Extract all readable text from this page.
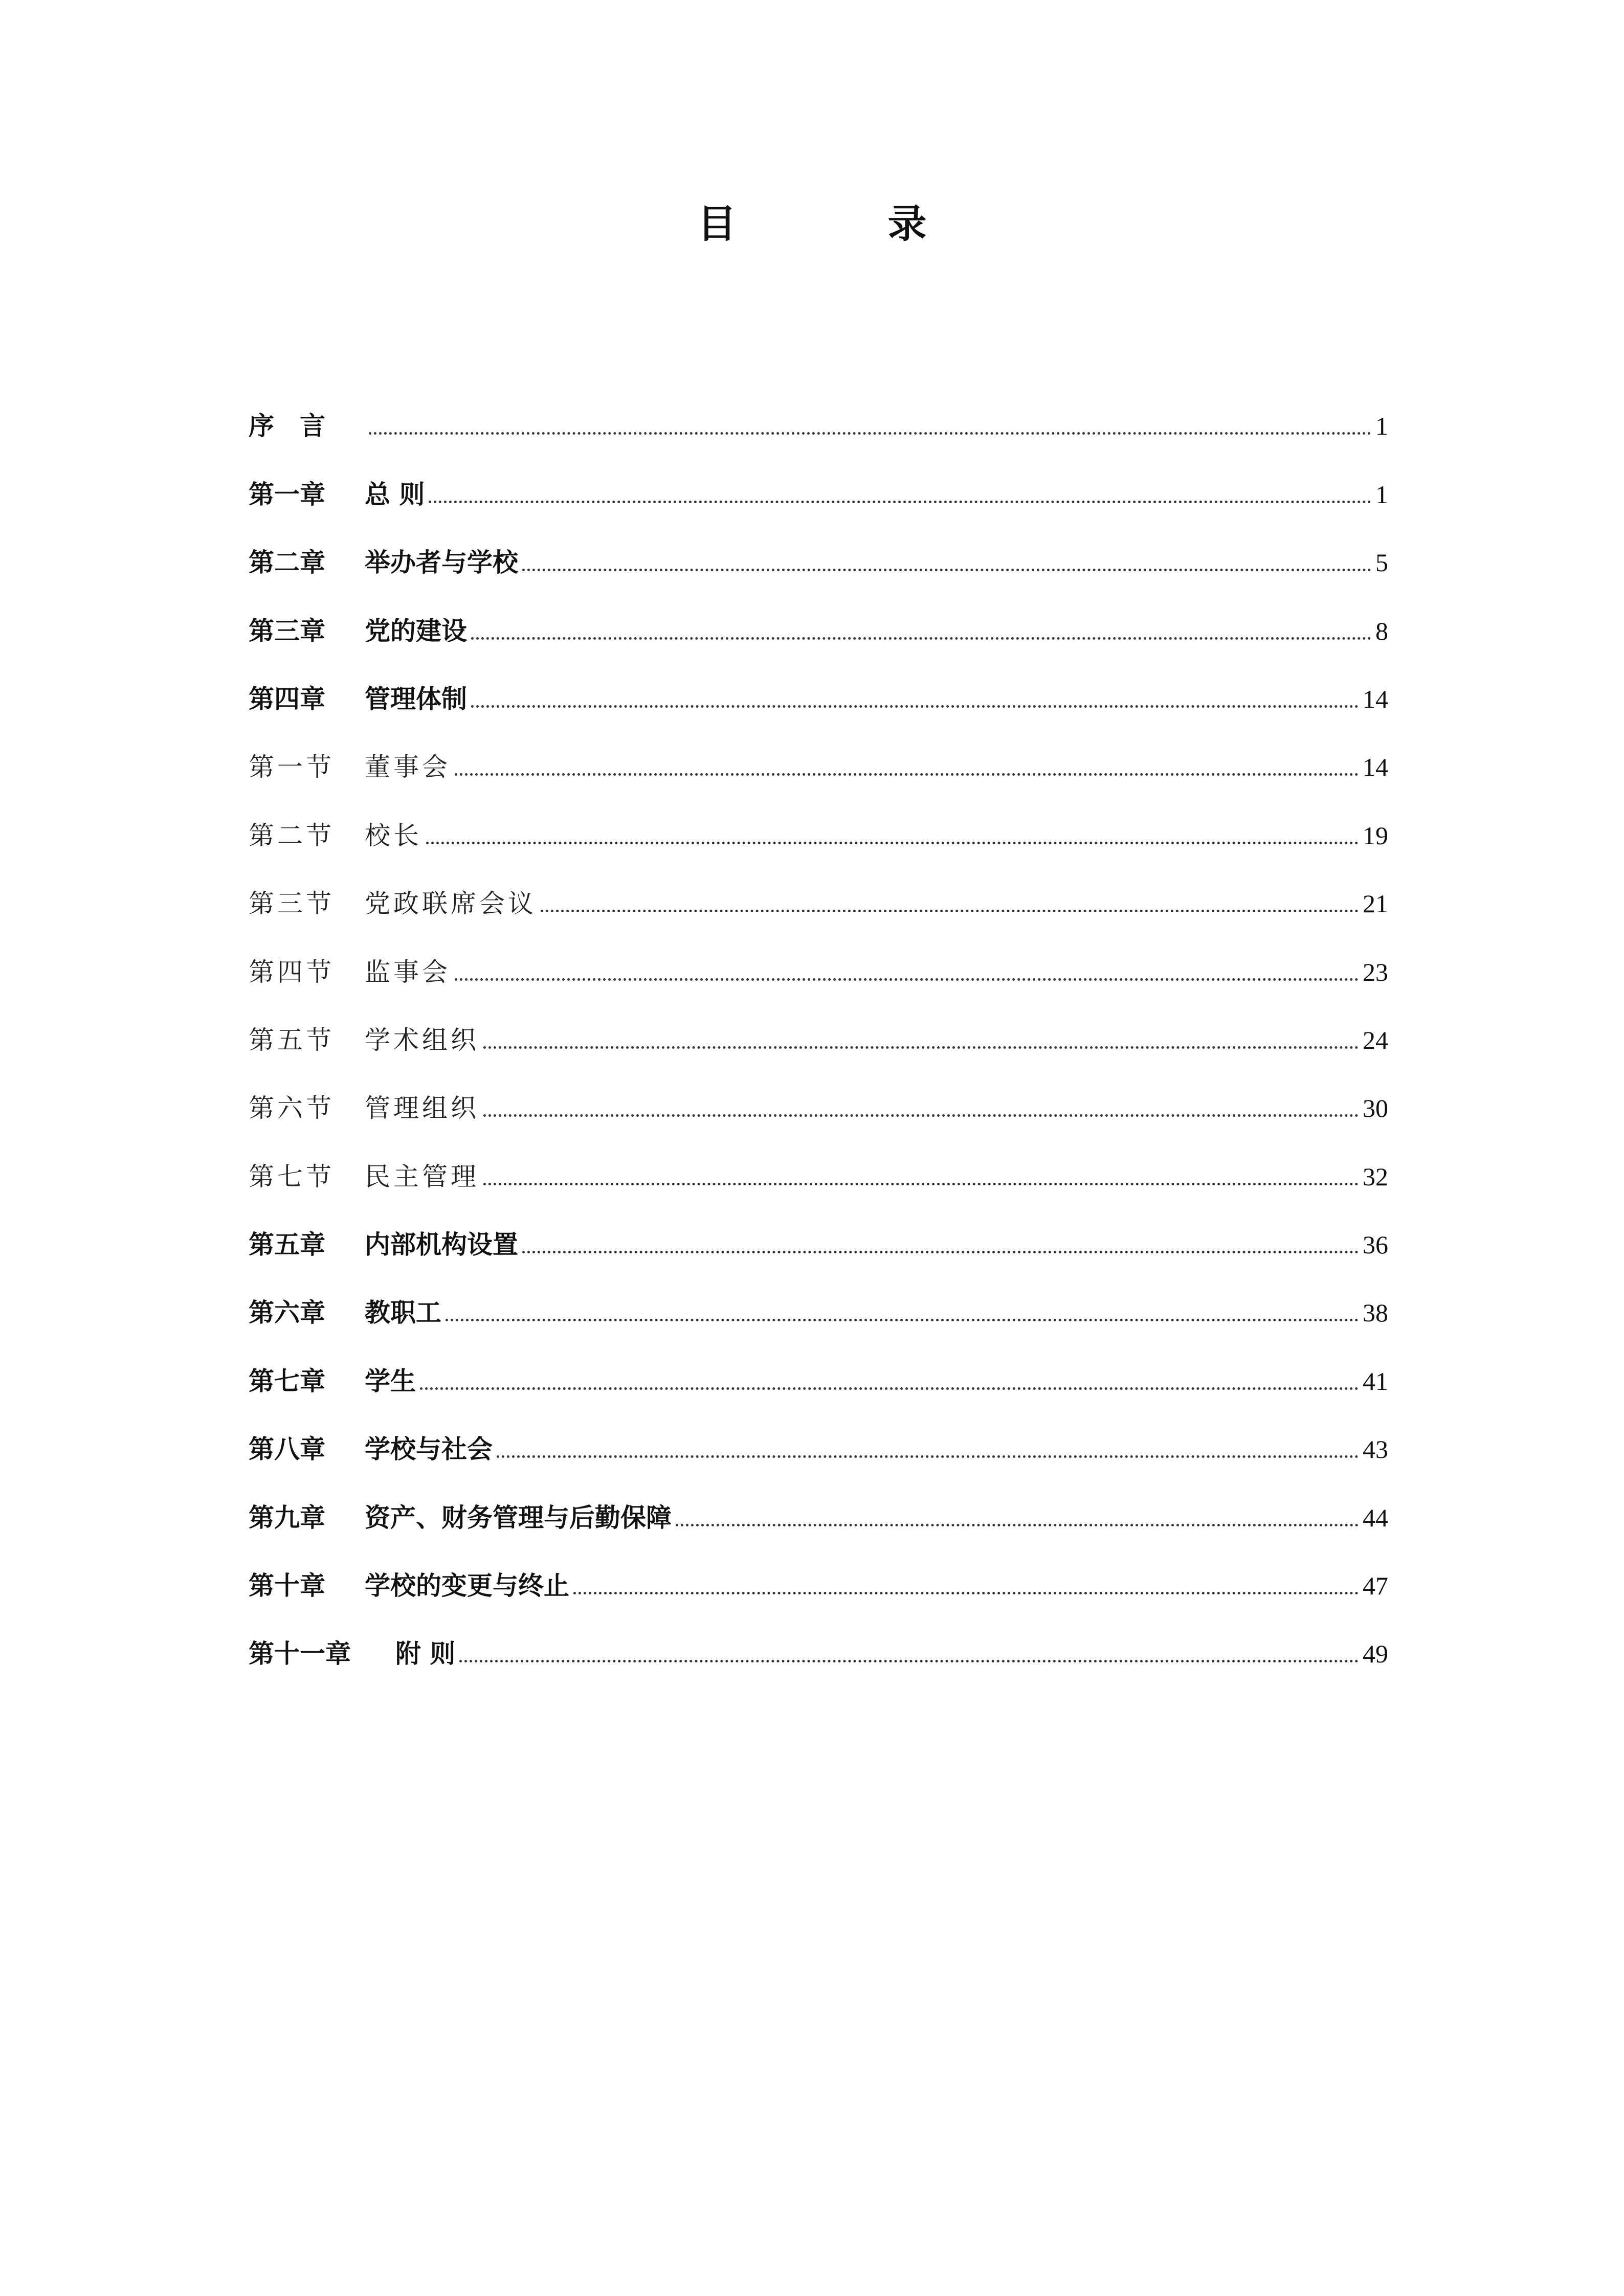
目　录
序　言	1
第一章	总 则	1
第二章	举办者与学校	5
第三章	党的建设	8
第四章	管理体制	14
第一节	董事会	14
第二节	校长	19
第三节	党政联席会议	21
第四节	监事会	23
第五节	学术组织	24
第六节	管理组织	30
第七节	民主管理	32
第五章	内部机构设置	36
第六章	教职工	38
第七章	学生	41
第八章	学校与社会	43
第九章	资产、财务管理与后勤保障	44
第十章	学校的变更与终止	47
第十一章	附 则	49
